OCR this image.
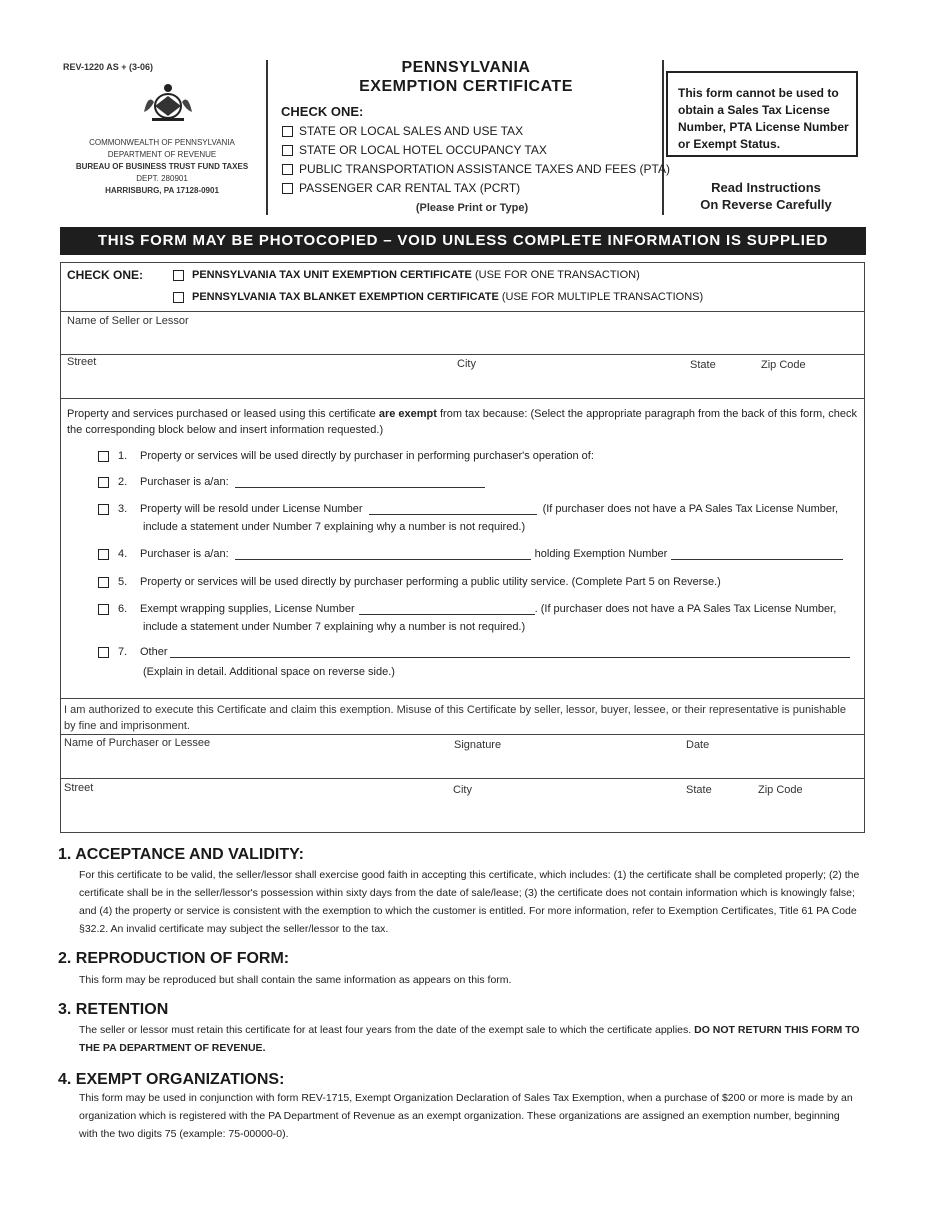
REV-1220 AS + (3-06)
COMMONWEALTH OF PENNSYLVANIA
DEPARTMENT OF REVENUE
BUREAU OF BUSINESS TRUST FUND TAXES
DEPT. 280901
HARRISBURG, PA 17128-0901
PENNSYLVANIA
EXEMPTION CERTIFICATE
CHECK ONE:
STATE OR LOCAL SALES AND USE TAX
STATE OR LOCAL HOTEL OCCUPANCY TAX
PUBLIC TRANSPORTATION ASSISTANCE TAXES AND FEES (PTA)
PASSENGER CAR RENTAL TAX (PCRT)
(Please Print or Type)
This form cannot be used to obtain a Sales Tax License Number, PTA License Number or Exempt Status.
Read Instructions
On Reverse Carefully
THIS FORM MAY BE PHOTOCOPIED – VOID UNLESS COMPLETE INFORMATION IS SUPPLIED
CHECK ONE:	PENNSYLVANIA TAX UNIT EXEMPTION CERTIFICATE (USE FOR ONE TRANSACTION)
PENNSYLVANIA TAX BLANKET EXEMPTION CERTIFICATE (USE FOR MULTIPLE TRANSACTIONS)
Name of Seller or Lessor
Street	City	State	Zip Code
Property and services purchased or leased using this certificate are exempt from tax because: (Select the appropriate paragraph from the back of this form, check the corresponding block below and insert information requested.)
1.	Property or services will be used directly by purchaser in performing purchaser's operation of:
2.	Purchaser is a/an:
3.	Property will be resold under License Number	(If purchaser does not have a PA Sales Tax License Number,
include a statement under Number 7 explaining why a number is not required.)
4.	Purchaser is a/an:	holding Exemption Number
5.	Property or services will be used directly by purchaser performing a public utility service. (Complete Part 5 on Reverse.)
6.	Exempt wrapping supplies, License Number	. (If purchaser does not have a PA Sales Tax License Number,
include a statement under Number 7 explaining why a number is not required.)
7.	Other
(Explain in detail. Additional space on reverse side.)
I am authorized to execute this Certificate and claim this exemption. Misuse of this Certificate by seller, lessor, buyer, lessee, or their representative is punishable by fine and imprisonment.
Name of Purchaser or Lessee	Signature	Date
Street	City	State	Zip Code
1. ACCEPTANCE AND VALIDITY:
For this certificate to be valid, the seller/lessor shall exercise good faith in accepting this certificate, which includes: (1) the certificate shall be completed properly; (2) the certificate shall be in the seller/lessor's possession within sixty days from the date of sale/lease; (3) the certificate does not contain information which is knowingly false; and (4) the property or service is consistent with the exemption to which the customer is entitled. For more information, refer to Exemption Certificates, Title 61 PA Code §32.2. An invalid certificate may subject the seller/lessor to the tax.
2. REPRODUCTION OF FORM:
This form may be reproduced but shall contain the same information as appears on this form.
3. RETENTION
The seller or lessor must retain this certificate for at least four years from the date of the exempt sale to which the certificate applies. DO NOT RETURN THIS FORM TO THE PA DEPARTMENT OF REVENUE.
4. EXEMPT ORGANIZATIONS:
This form may be used in conjunction with form REV-1715, Exempt Organization Declaration of Sales Tax Exemption, when a purchase of $200 or more is made by an organization which is registered with the PA Department of Revenue as an exempt organization. These organizations are assigned an exemption number, beginning with the two digits 75 (example: 75-00000-0).
